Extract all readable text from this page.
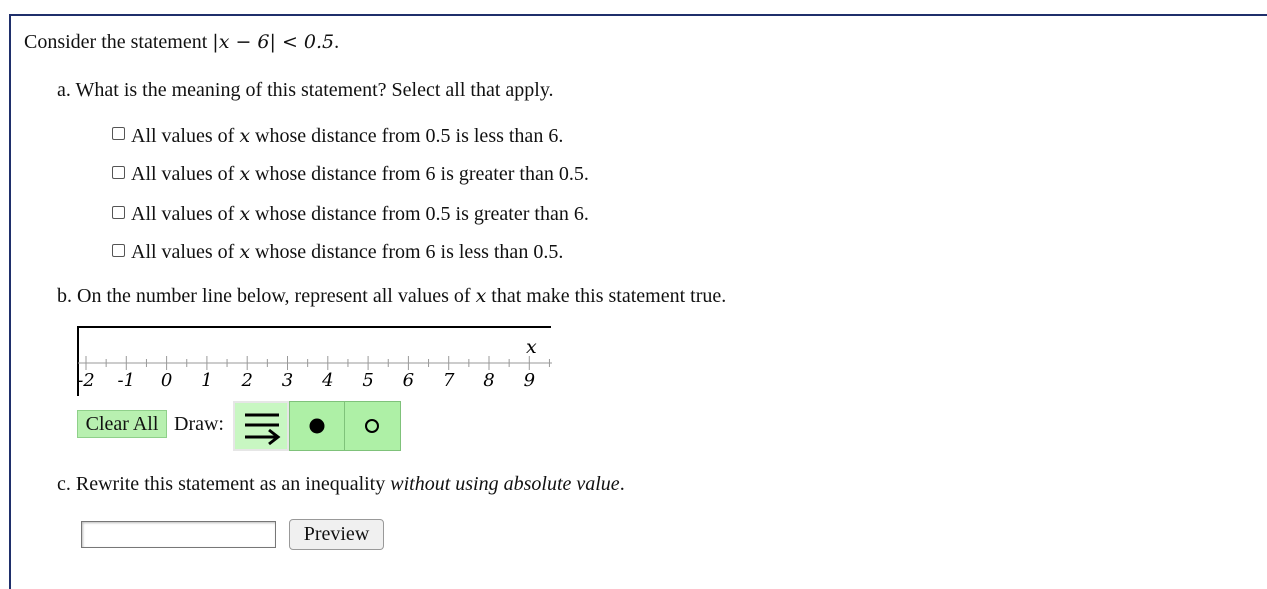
Consider the statement |x − 6| < 0.5.
a. What is the meaning of this statement? Select all that apply.
All values of x whose distance from 0.5 is less than 6.
All values of x whose distance from 6 is greater than 0.5.
All values of x whose distance from 0.5 is greater than 6.
All values of x whose distance from 6 is less than 0.5.
b. On the number line below, represent all values of x that make this statement true.
x
-2 -1 0 1 2 3 4 5 6 7 8 9
Clear All Draw:
c. Rewrite this statement as an inequality without using absolute value.
Preview
